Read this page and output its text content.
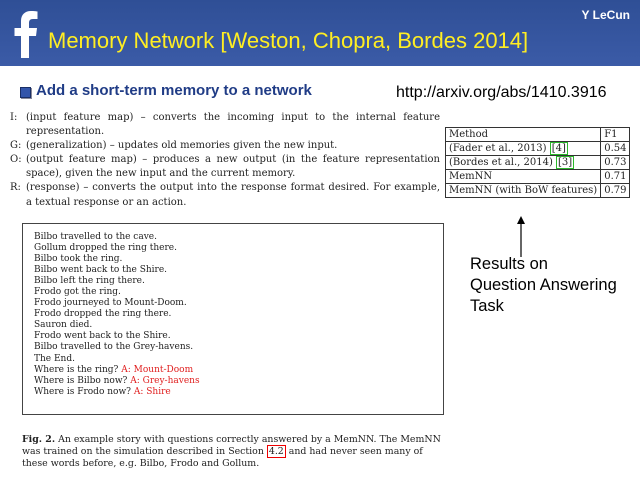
Memory Network [Weston, Chopra, Bordes 2014]
Y LeCun
Add a short-term memory to a network	http://arxiv.org/abs/1410.3916
I: (input feature map) – converts the incoming input to the internal feature representation.
G: (generalization) – updates old memories given the new input.
O: (output feature map) – produces a new output (in the feature representation space), given the new input and the current memory.
R: (response) – converts the output into the response format desired. For example, a textual response or an action.
Bilbo travelled to the cave.
Gollum dropped the ring there.
Bilbo took the ring.
Bilbo went back to the Shire.
Bilbo left the ring there.
Frodo got the ring.
Frodo journeyed to Mount-Doom.
Frodo dropped the ring there.
Sauron died.
Frodo went back to the Shire.
Bilbo travelled to the Grey-havens.
The End.
Where is the ring? A: Mount-Doom
Where is Bilbo now? A: Grey-havens
Where is Frodo now? A: Shire
Fig. 2. An example story with questions correctly answered by a MemNN. The MemNN was trained on the simulation described in Section 4.2 and had never seen many of these words before, e.g. Bilbo, Frodo and Gollum.
Method	F1
(Fader et al., 2013) [4]	0.54
(Bordes et al., 2014) [3]	0.73
MemNN	0.71
MemNN (with BoW features)	0.79
Results on
Question Answering
Task
